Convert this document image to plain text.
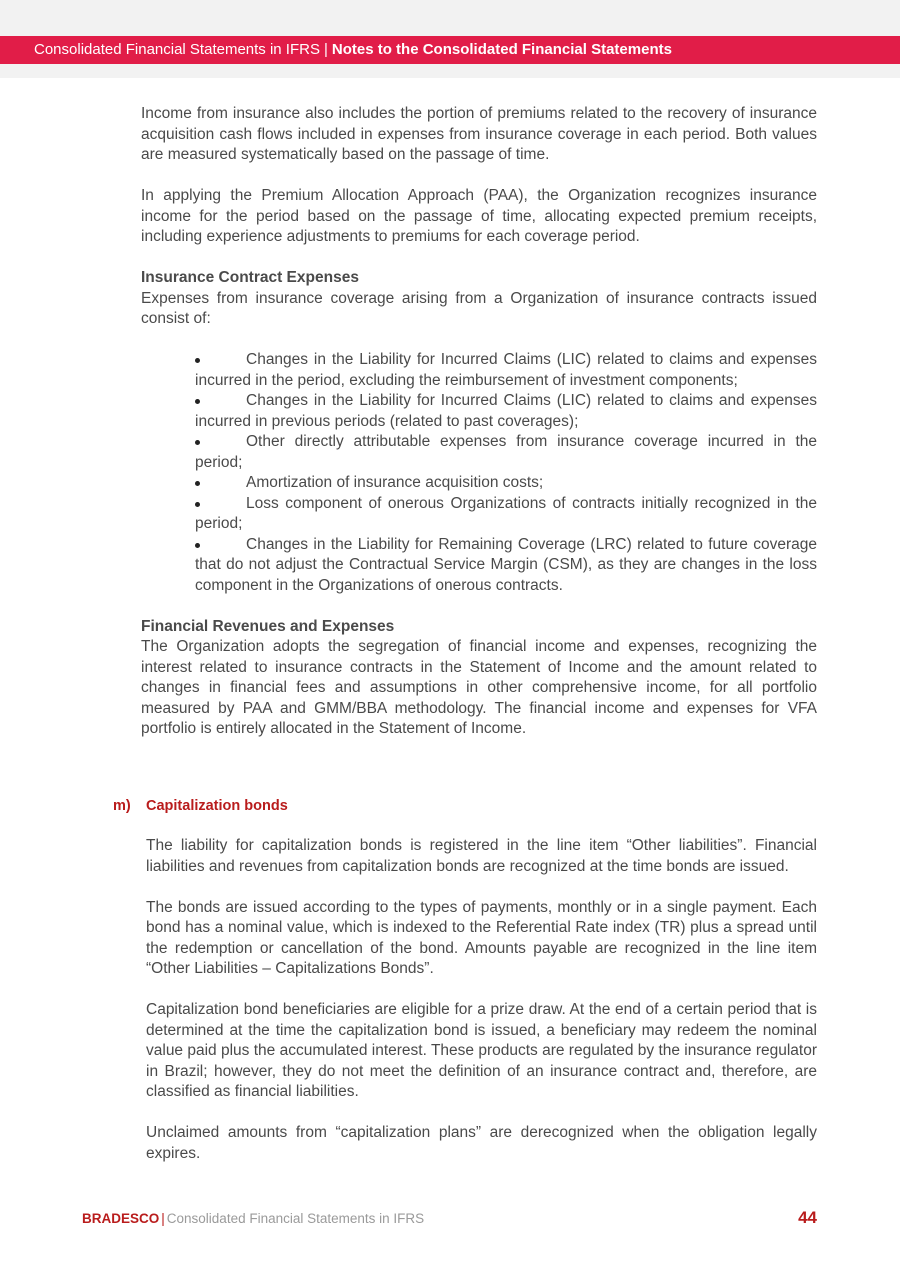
Consolidated Financial Statements in IFRS | Notes to the Consolidated Financial Statements

Income from insurance also includes the portion of premiums related to the recovery of insurance acquisition cash flows included in expenses from insurance coverage in each period. Both values are measured systematically based on the passage of time.

In applying the Premium Allocation Approach (PAA), the Organization recognizes insurance income for the period based on the passage of time, allocating expected premium receipts, including experience adjustments to premiums for each coverage period.

Insurance Contract Expenses

Expenses from insurance coverage arising from a Organization of insurance contracts issued consist of:

Changes in the Liability for Incurred Claims (LIC) related to claims and expenses incurred in the period, excluding the reimbursement of investment components;
Changes in the Liability for Incurred Claims (LIC) related to claims and expenses incurred in previous periods (related to past coverages);
Other directly attributable expenses from insurance coverage incurred in the period;
Amortization of insurance acquisition costs;
Loss component of onerous Organizations of contracts initially recognized in the period;
Changes in the Liability for Remaining Coverage (LRC) related to future coverage that do not adjust the Contractual Service Margin (CSM), as they are changes in the loss component in the Organizations of onerous contracts.
Financial Revenues and Expenses

The Organization adopts the segregation of financial income and expenses, recognizing the interest related to insurance contracts in the Statement of Income and the amount related to changes in financial fees and assumptions in other comprehensive income, for all portfolio measured by PAA and GMM/BBA methodology. The financial income and expenses for VFA portfolio is entirely allocated in the Statement of Income.

m) Capitalization bonds

The liability for capitalization bonds is registered in the line item “Other liabilities”. Financial liabilities and revenues from capitalization bonds are recognized at the time bonds are issued.

The bonds are issued according to the types of payments, monthly or in a single payment. Each bond has a nominal value, which is indexed to the Referential Rate index (TR) plus a spread until the redemption or cancellation of the bond. Amounts payable are recognized in the line item “Other Liabilities – Capitalizations Bonds”.

Capitalization bond beneficiaries are eligible for a prize draw. At the end of a certain period that is determined at the time the capitalization bond is issued, a beneficiary may redeem the nominal value paid plus the accumulated interest. These products are regulated by the insurance regulator in Brazil; however, they do not meet the definition of an insurance contract and, therefore, are classified as financial liabilities.

Unclaimed amounts from “capitalization plans” are derecognized when the obligation legally expires.

BRADESCO | Consolidated Financial Statements in IFRS	44
